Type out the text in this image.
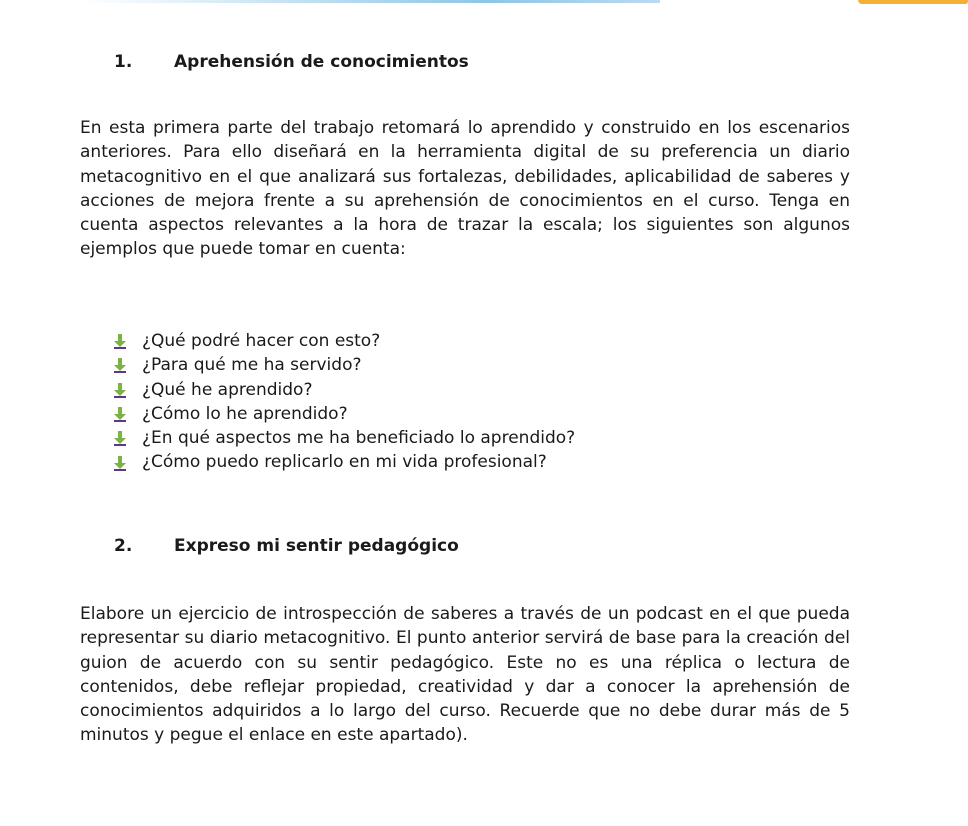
1. Aprehensión de conocimientos
En esta primera parte del trabajo retomará lo aprendido y construido en los escenarios anteriores. Para ello diseñará en la herramienta digital de su preferencia un diario metacognitivo en el que analizará sus fortalezas, debilidades, aplicabilidad de saberes y acciones de mejora frente a su aprehensión de conocimientos en el curso. Tenga en cuenta aspectos relevantes a la hora de trazar la escala; los siguientes son algunos ejemplos que puede tomar en cuenta:
¿Qué podré hacer con esto?
¿Para qué me ha servido?
¿Qué he aprendido?
¿Cómo lo he aprendido?
¿En qué aspectos me ha beneficiado lo aprendido?
¿Cómo puedo replicarlo en mi vida profesional?
2. Expreso mi sentir pedagógico
Elabore un ejercicio de introspección de saberes a través de un podcast en el que pueda representar su diario metacognitivo. El punto anterior servirá de base para la creación del guion de acuerdo con su sentir pedagógico. Este no es una réplica o lectura de contenidos, debe reflejar propiedad, creatividad y dar a conocer la aprehensión de conocimientos adquiridos a lo largo del curso. Recuerde que no debe durar más de 5 minutos y pegue el enlace en este apartado).
